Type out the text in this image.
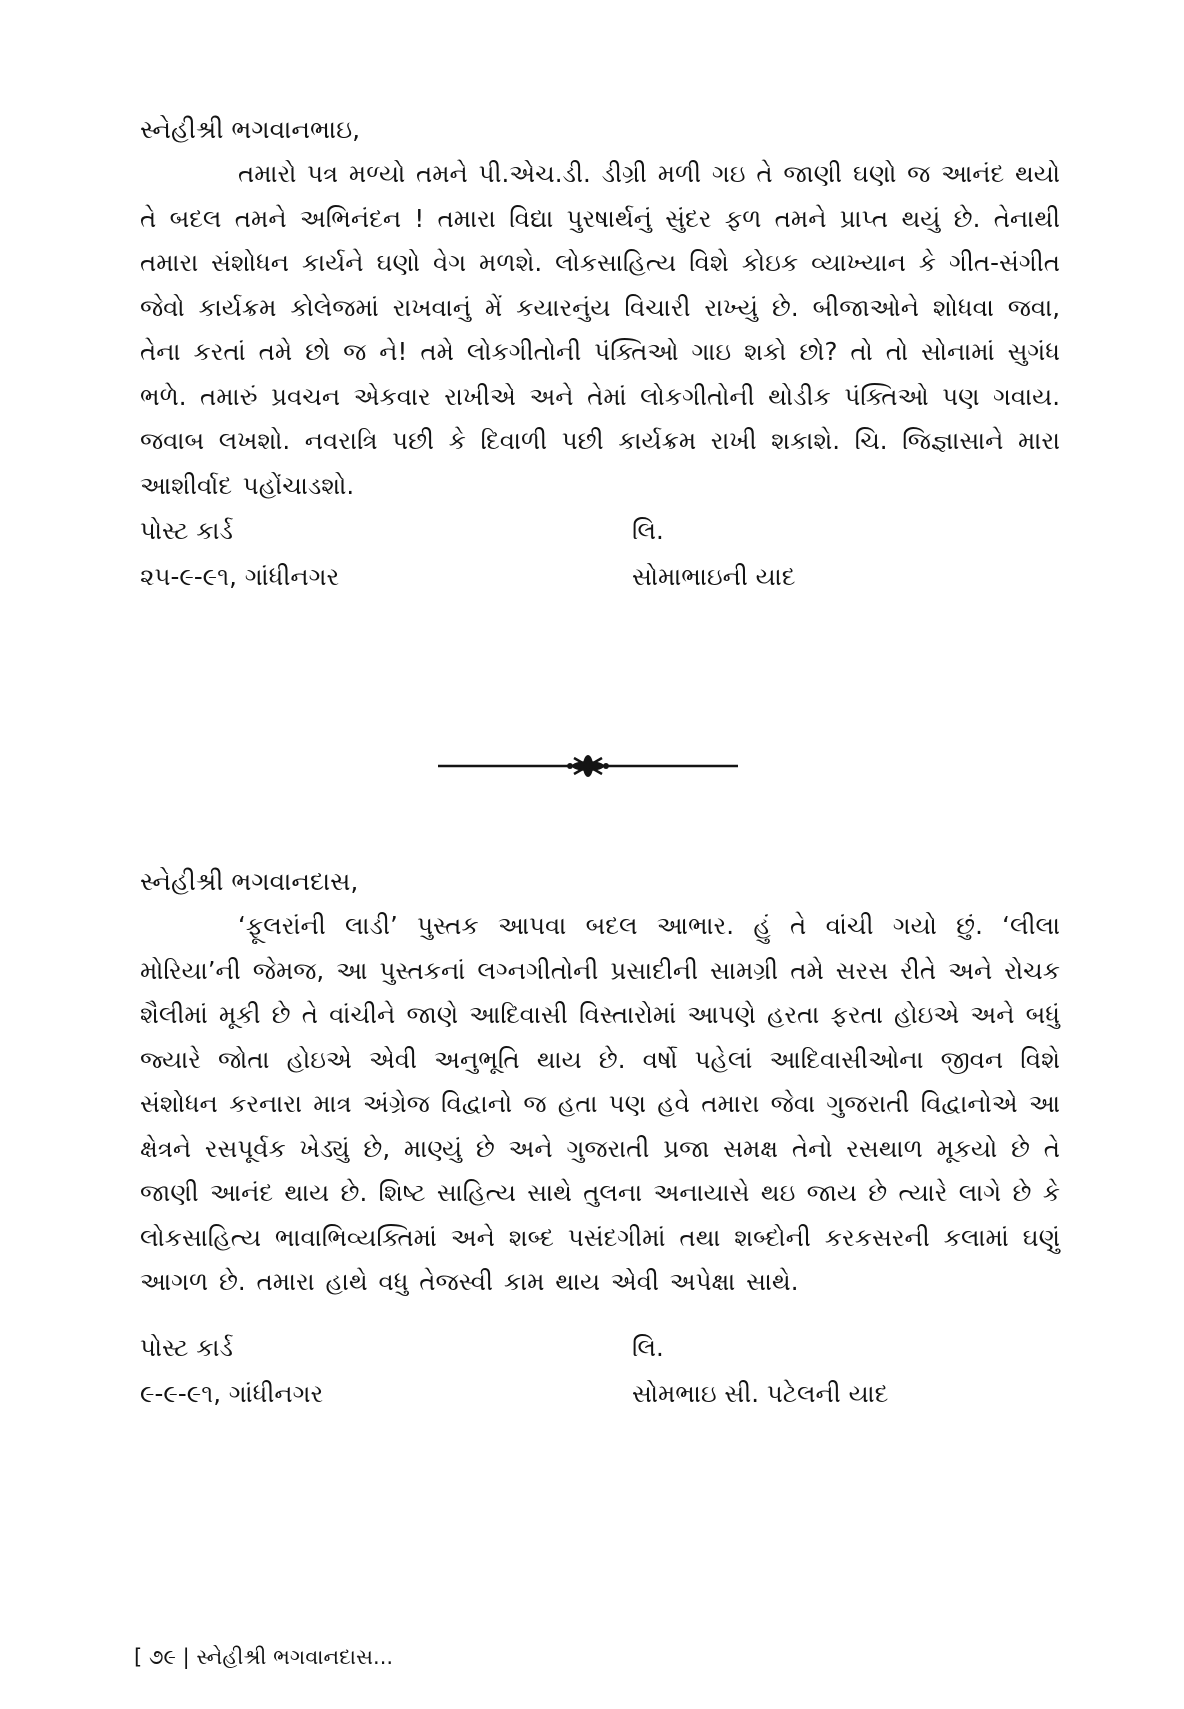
સ્નેહીશ્રી ભગવાનભાઇ,

તમારો પત્ર મળ્યો તમને પી.એચ.ડી. ડીગ્રી મળી ગઇ તે જાણી ઘણો જ આનંદ થયો તે બદલ તમને અભિનંદન ! તમારા વિદ્યા પુરષાર્થનું સુંદર ફળ તમને પ્રાપ્ત થયું છે. તેનાથી તમારા સંશોધન કાર્યને ઘણો વેગ મળશે. લોકસાહિત્ય વિશે કોઇક વ્યાખ્યાન કે ગીત-સંગીત જેવો કાર્યક્રમ કોલેજમાં રાખવાનું મેં કયારનુંય વિચારી રાખ્યું છે. બીજાઓને શોધવા જવા, તેના કરતાં તમે છો જ ને! તમે લોકગીતોની પંક્તિઓ ગાઇ શકો છો? તો તો સોનામાં સુગંધ ભળે. તમારું પ્રવચન એકવાર રાખીએ અને તેમાં લોકગીતોની થોડીક પંક્તિઓ પણ ગવાય. જવાબ લખશો. નવરાત્રિ પછી કે દિવાળી પછી કાર્યક્રમ રાખી શકાશે. ચિ. જિજ્ઞાસાને મારા આશીર્વાદ પહોંચાડશો.

પોસ્ટ કાર્ડ	લિ.
૨૫-૯-૯૧, ગાંધીનગર	સોમાભાઇની યાદ

સ્નેહીશ્રી ભગવાનદાસ,

‘ફૂલરાંની લાડી’ પુસ્તક આપવા બદલ આભાર. હું તે વાંચી ગયો છું. ‘લીલા મોરિયા’ની જેમજ, આ પુસ્તકનાં લગ્નગીતોની પ્રસાદીની સામગ્રી તમે સરસ રીતે અને રોચક શૈલીમાં મૂકી છે તે વાંચીને જાણે આદિવાસી વિસ્તારોમાં આપણે હરતા ફરતા હોઇએ અને બધું જ્યારે જોતા હોઇએ એવી અનુભૂતિ થાય છે. વર્ષો પહેલાં આદિવાસીઓના જીવન વિશે સંશોધન કરનારા માત્ર અંગ્રેજ વિદ્વાનો જ હતા પણ હવે તમારા જેવા ગુજરાતી વિદ્વાનોએ આ ક્ષેત્રને રસપૂર્વક ખેડ્યું છે, માણ્યું છે અને ગુજરાતી પ્રજા સમક્ષ તેનો રસથાળ મૂકયો છે તે જાણી આનંદ થાય છે. શિષ્ટ સાહિત્ય સાથે તુલના અનાયાસે થઇ જાય છે ત્યારે લાગે છે કે લોકસાહિત્ય ભાવાભિવ્યક્તિમાં અને શબ્દ પસંદગીમાં તથા શબ્દોની કરકસરની કલામાં ઘણું આગળ છે. તમારા હાથે વધુ તેજસ્વી કામ થાય એવી અપેક્ષા સાથે.

પોસ્ટ કાર્ડ	લિ.
૯-૯-૯૧, ગાંધીનગર	સોમભાઇ સી. પટેલની યાદ
[ ૭૯ | સ્નેહીશ્રી ભગવાનદાસ...
